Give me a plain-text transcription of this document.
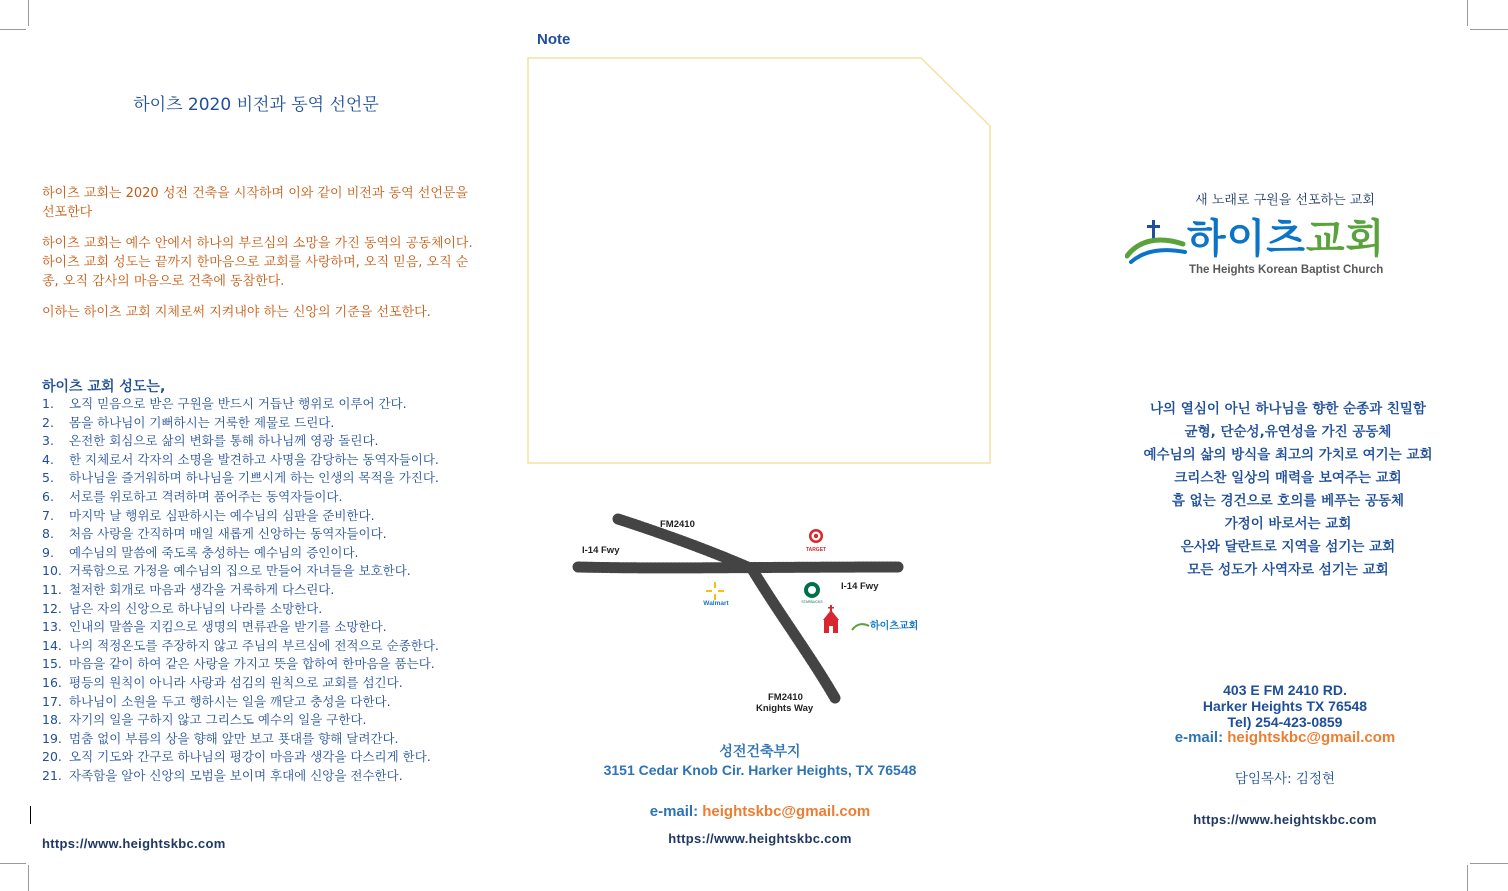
하이츠 2020 비전과 동역 선언문
하이츠 교회는 2020 성전 건축을 시작하며 이와 같이 비전과 동역 선언문을 선포한다
하이츠 교회는 예수 안에서 하나의 부르심의 소망을 가진 동역의 공동체이다. 하이츠 교회 성도는 끝까지 한마음으로 교회를 사랑하며, 오직 믿음, 오직 순종, 오직 감사의 마음으로 건축에 동참한다.
이하는 하이츠 교회 지체로써 지켜내야 하는 신앙의 기준을 선포한다.
하이츠 교회 성도는,
1. 오직 믿음으로 받은 구원을 반드시 거듭난 행위로 이루어 간다.
2. 몸을 하나님이 기뻐하시는 거룩한 제물로 드린다.
3. 온전한 회심으로 삶의 변화를 통해 하나님께 영광 돌린다.
4. 한 지체로서 각자의 소명을 발견하고 사명을 감당하는 동역자들이다.
5. 하나님을 즐거워하며 하나님을 기쁘시게 하는 인생의 목적을 가진다.
6. 서로를 위로하고 격려하며 품어주는 동역자들이다.
7. 마지막 날 행위로 심판하시는 예수님의 심판을 준비한다.
8. 처음 사랑을 간직하며 매일 새롭게 신앙하는 동역자들이다.
9. 예수님의 말씀에 죽도록 충성하는 예수님의 증인이다.
10. 거룩함으로 가정을 예수님의 집으로 만들어 자녀들을 보호한다.
11. 철저한 회개로 마음과 생각을 거룩하게 다스린다.
12. 남은 자의 신앙으로 하나님의 나라를 소망한다.
13. 인내의 말씀을 지킴으로 생명의 면류관을 받기를 소망한다.
14. 나의 적정온도를 주장하지 않고 주님의 부르심에 전적으로 순종한다.
15. 마음을 같이 하여 같은 사랑을 가지고 뜻을 합하여 한마음을 품는다.
16. 평등의 원칙이 아니라 사랑과 섬김의 원칙으로 교회를 섬긴다.
17. 하나님이 소원을 두고 행하시는 일을 깨닫고 충성을 다한다.
18. 자기의 일을 구하지 않고 그리스도 예수의 일을 구한다.
19. 멈춤 없이 부름의 상을 향해 앞만 보고 푯대를 향해 달려간다.
20. 오직 기도와 간구로 하나님의 평강이 마음과 생각을 다스리게 한다.
21. 자족함을 알아 신앙의 모범을 보이며 후대에 신앙을 전수한다.
https://www.heightskbc.com
Note
FM2410
I-14 Fwy
I-14 Fwy
FM2410
Knights Way
TARGET
Walmart	STARBUCKS
하이츠교회
성전건축부지
3151 Cedar Knob Cir. Harker Heights, TX 76548
e-mail: heightskbc@gmail.com
https://www.heightskbc.com
새 노래로 구원을 선포하는 교회
하이츠교회
The Heights Korean Baptist Church
나의 열심이 아닌 하나님을 향한 순종과 친밀함
균형, 단순성,유연성을 가진 공동체
예수님의 삶의 방식을 최고의 가치로 여기는 교회
크리스찬 일상의 매력을 보여주는 교회
흠 없는 경건으로 호의를 베푸는 공동체
가정이 바로서는 교회
은사와 달란트로 지역을 섬기는 교회
모든 성도가 사역자로 섬기는 교회
403 E FM 2410 RD.
Harker Heights TX 76548
Tel) 254-423-0859
e-mail: heightskbc@gmail.com
담임목사: 김정현
https://www.heightskbc.com
